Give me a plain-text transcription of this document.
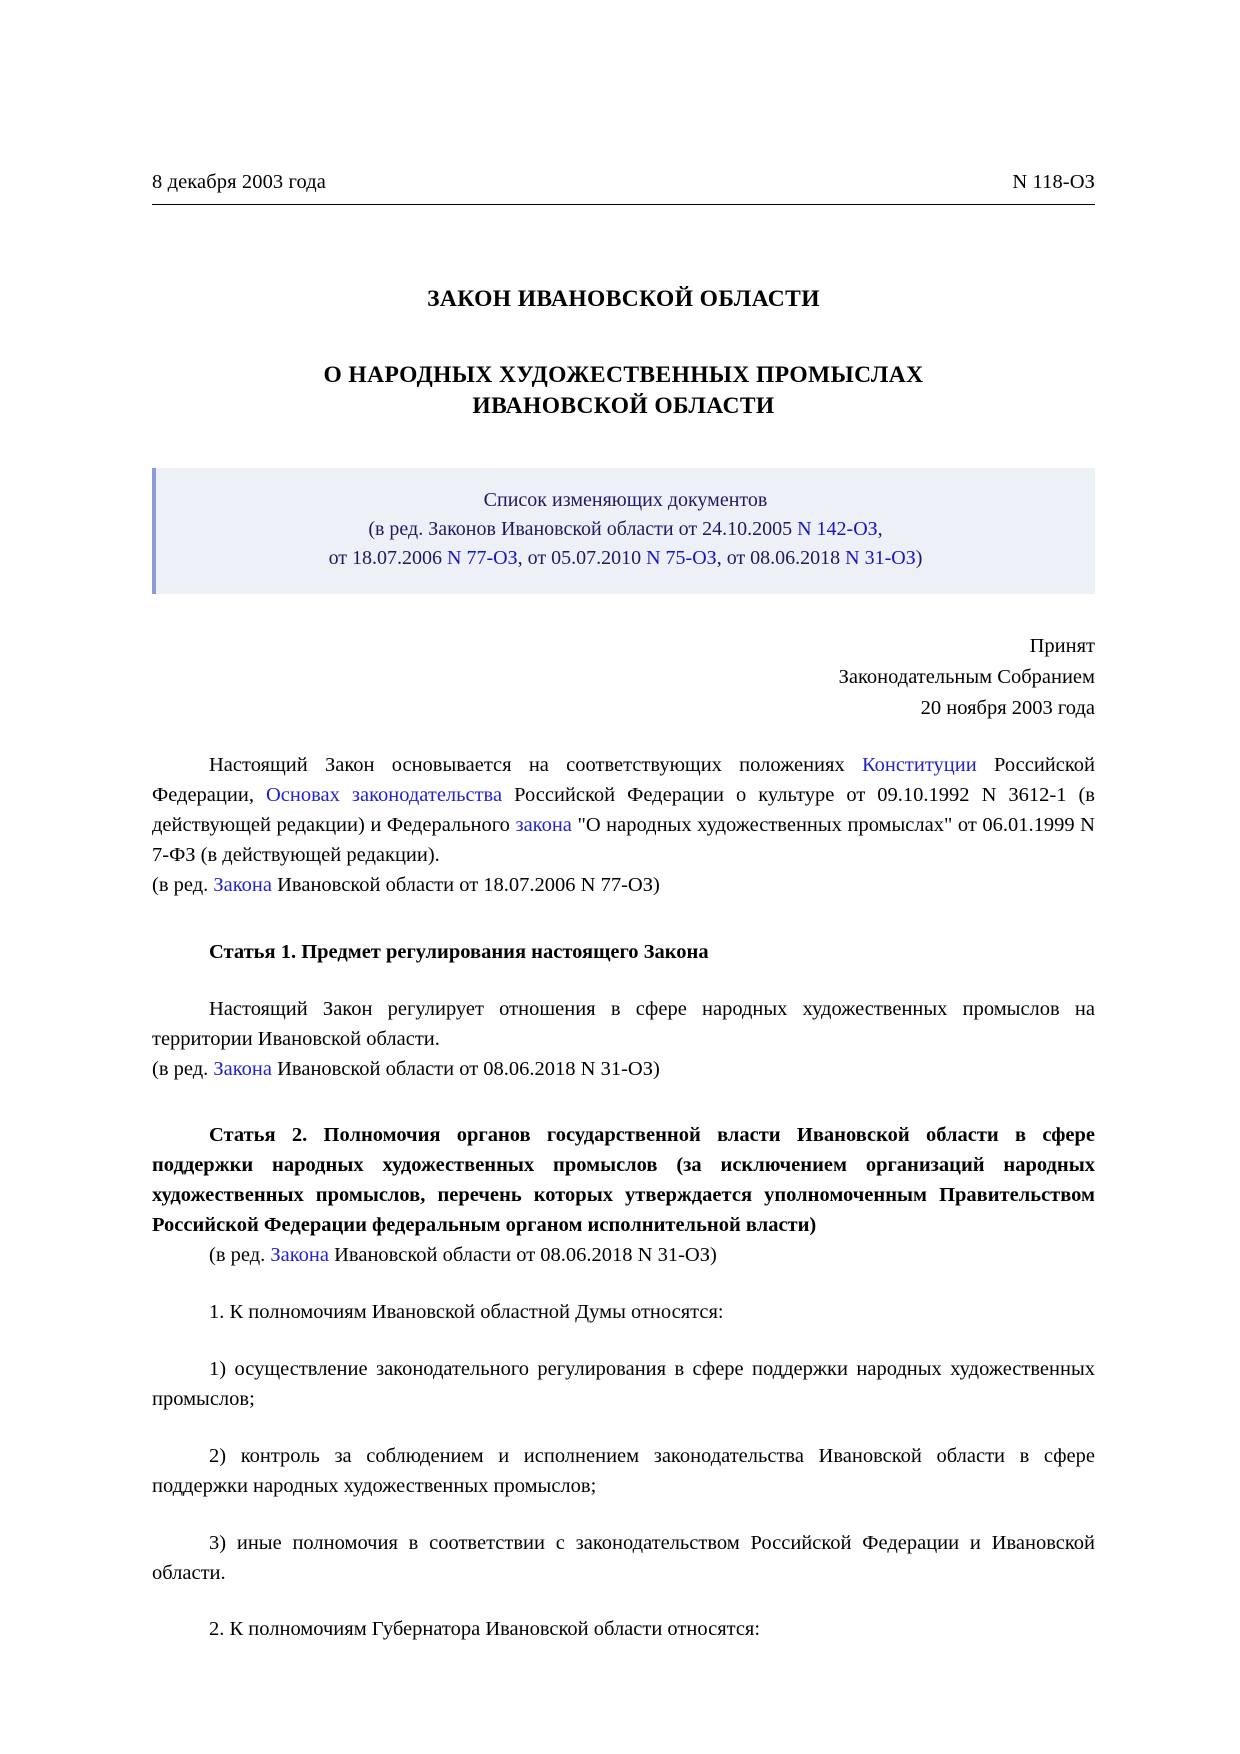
8 декабря 2003 года	N 118-ОЗ
ЗАКОН ИВАНОВСКОЙ ОБЛАСТИ
О НАРОДНЫХ ХУДОЖЕСТВЕННЫХ ПРОМЫСЛАХ
ИВАНОВСКОЙ ОБЛАСТИ
Список изменяющих документов
(в ред. Законов Ивановской области от 24.10.2005 N 142-ОЗ,
от 18.07.2006 N 77-ОЗ, от 05.07.2010 N 75-ОЗ, от 08.06.2018 N 31-ОЗ)
Принят
Законодательным Собранием
20 ноября 2003 года

Настоящий Закон основывается на соответствующих положениях Конституции Российской Федерации, Основах законодательства Российской Федерации о культуре от 09.10.1992 N 3612-1 (в действующей редакции) и Федерального закона "О народных художественных промыслах" от 06.01.1999 N 7-ФЗ (в действующей редакции).

(в ред. Закона Ивановской области от 18.07.2006 N 77-ОЗ)

Статья 1. Предмет регулирования настоящего Закона

Настоящий Закон регулирует отношения в сфере народных художественных промыслов на территории Ивановской области.

(в ред. Закона Ивановской области от 08.06.2018 N 31-ОЗ)

Статья 2. Полномочия органов государственной власти Ивановской области в сфере поддержки народных художественных промыслов (за исключением организаций народных художественных промыслов, перечень которых утверждается уполномоченным Правительством Российской Федерации федеральным органом исполнительной власти)

(в ред. Закона Ивановской области от 08.06.2018 N 31-ОЗ)

1. К полномочиям Ивановской областной Думы относятся:

1) осуществление законодательного регулирования в сфере поддержки народных художественных промыслов;

2) контроль за соблюдением и исполнением законодательства Ивановской области в сфере поддержки народных художественных промыслов;

3) иные полномочия в соответствии с законодательством Российской Федерации и Ивановской области.

2. К полномочиям Губернатора Ивановской области относятся:
